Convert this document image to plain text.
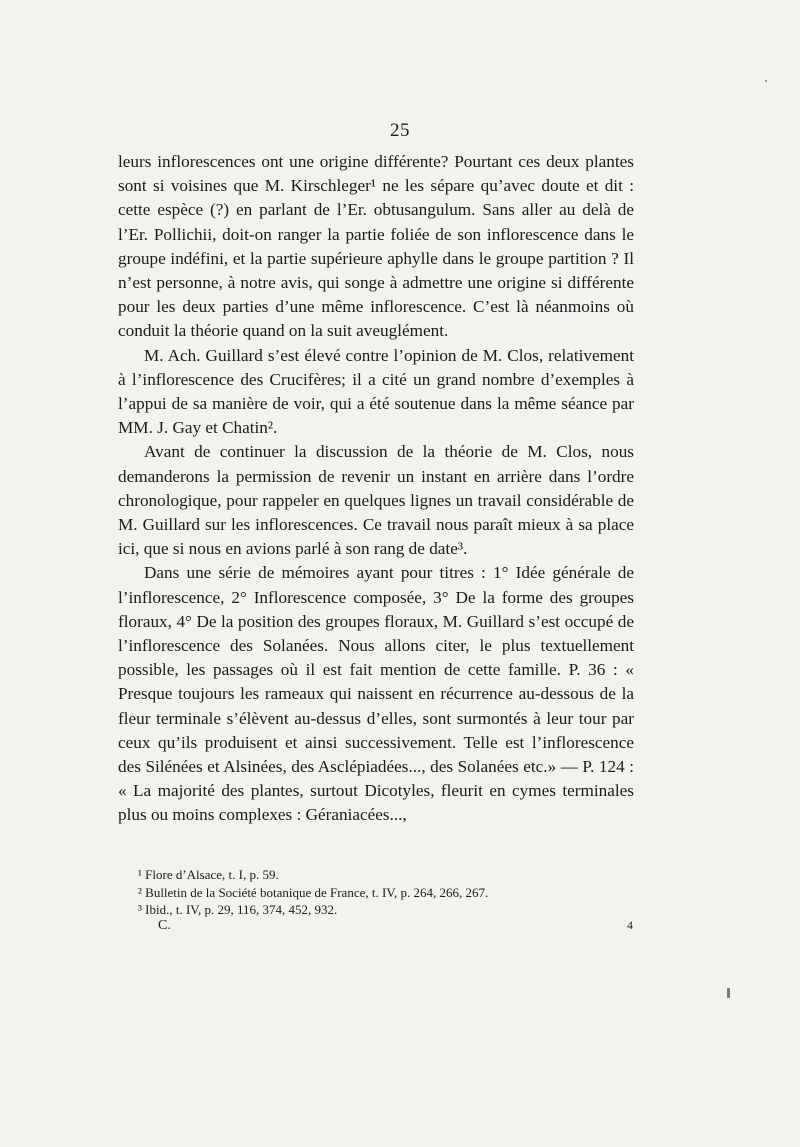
25

leurs inflorescences ont une origine différente? Pourtant ces deux plantes sont si voisines que M. Kirschleger¹ ne les sépare qu’avec doute et dit : cette espèce (?) en parlant de l’Er. obtusangulum. Sans aller au delà de l’Er. Pollichii, doit-on ranger la partie foliée de son inflorescence dans le groupe indéfini, et la partie supérieure aphylle dans le groupe partition ? Il n’est personne, à notre avis, qui songe à admettre une origine si différente pour les deux parties d’une même inflorescence. C’est là néanmoins où conduit la théorie quand on la suit aveuglément.

M. Ach. Guillard s’est élevé contre l’opinion de M. Clos, relativement à l’inflorescence des Crucifères; il a cité un grand nombre d’exemples à l’appui de sa manière de voir, qui a été soutenue dans la même séance par MM. J. Gay et Chatin².

Avant de continuer la discussion de la théorie de M. Clos, nous demanderons la permission de revenir un instant en arrière dans l’ordre chronologique, pour rappeler en quelques lignes un travail considérable de M. Guillard sur les inflorescences. Ce travail nous paraît mieux à sa place ici, que si nous en avions parlé à son rang de date³.

Dans une série de mémoires ayant pour titres : 1° Idée générale de l’inflorescence, 2° Inflorescence composée, 3° De la forme des groupes floraux, 4° De la position des groupes floraux, M. Guillard s’est occupé de l’inflorescence des Solanées. Nous allons citer, le plus textuellement possible, les passages où il est fait mention de cette famille. P. 36 : « Presque toujours les rameaux qui naissent en récurrence au-dessous de la fleur terminale s’élèvent au-dessus d’elles, sont surmontés à leur tour par ceux qu’ils produisent et ainsi successivement. Telle est l’inflorescence des Silénées et Alsinées, des Asclépiadées..., des Solanées etc.» — P. 124 : « La majorité des plantes, surtout Dicotyles, fleurit en cymes terminales plus ou moins complexes : Géraniacées...,

¹ Flore d’Alsace, t. I, p. 59.

² Bulletin de la Société botanique de France, t. IV, p. 264, 266, 267.

³ Ibid., t. IV, p. 29, 116, 374, 452, 932.

C.	4
